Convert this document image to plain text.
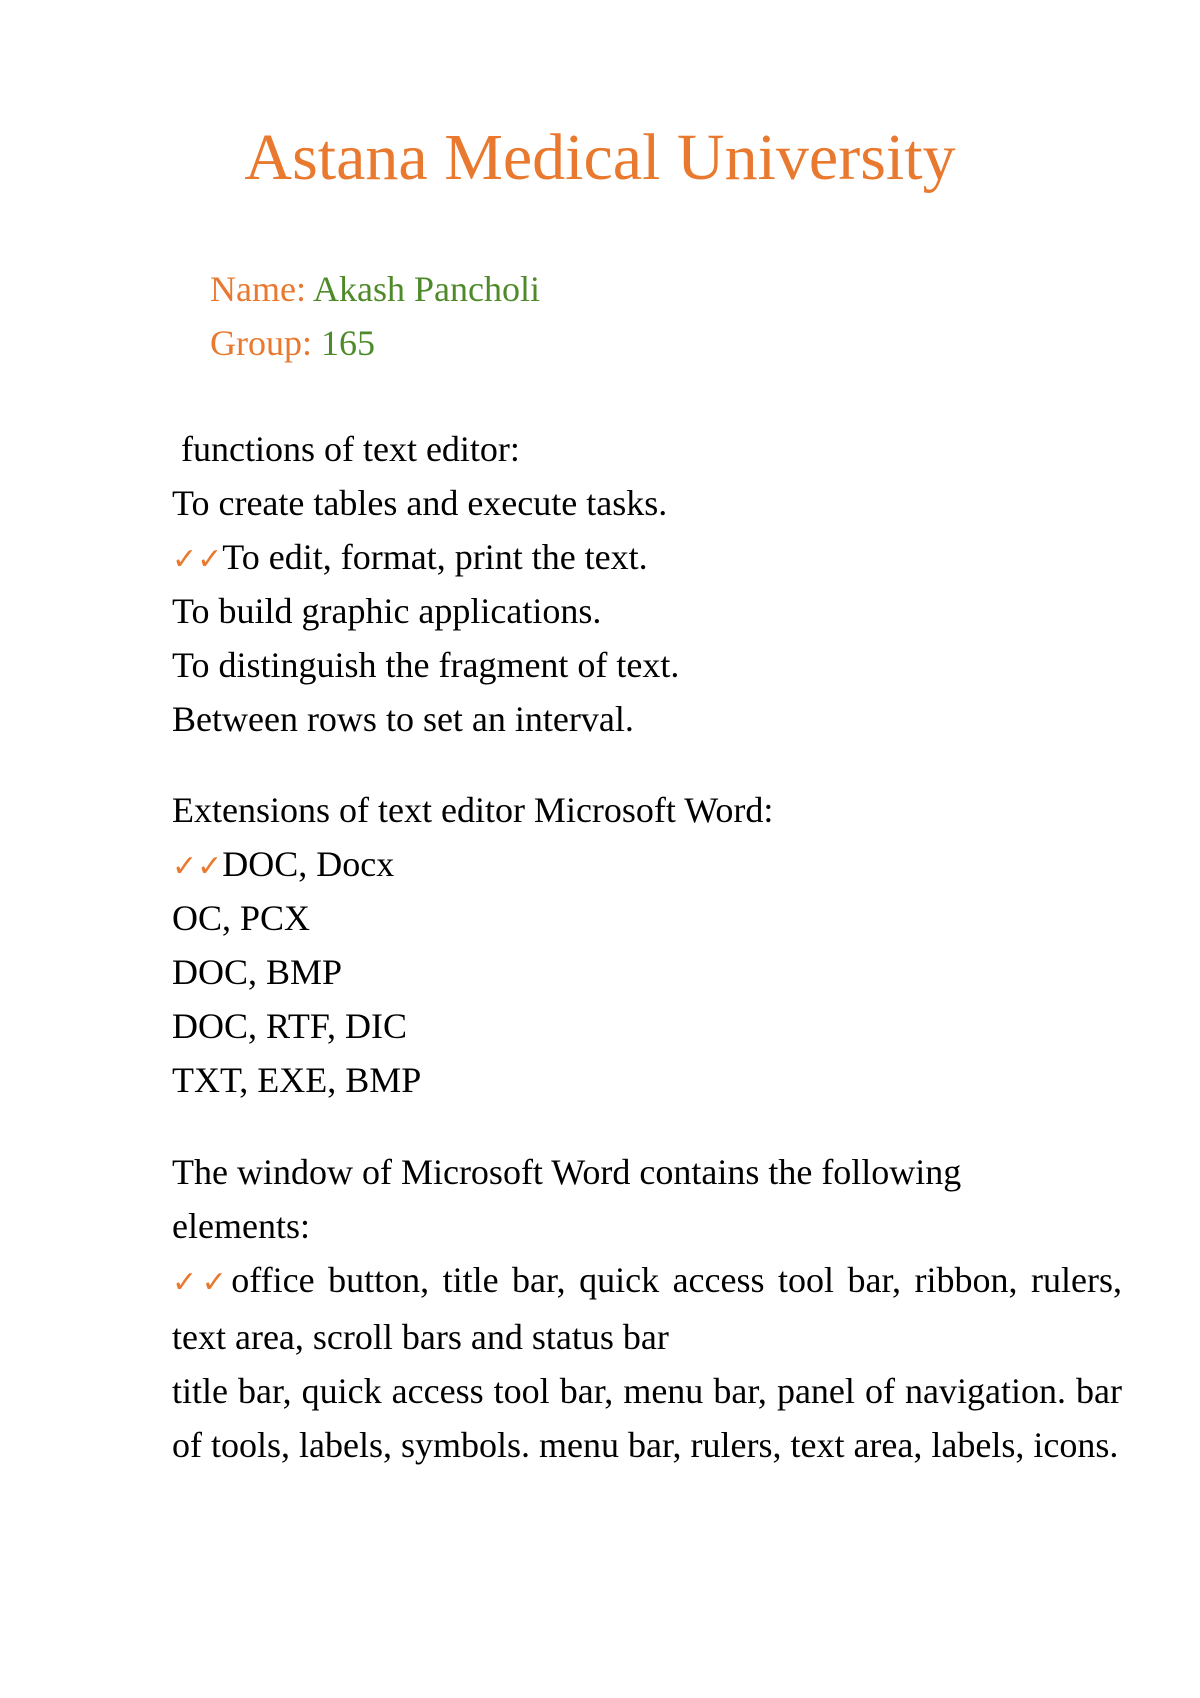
Astana Medical University
Name: Akash Pancholi
Group: 165
functions of text editor:
To create tables and execute tasks.
✓✓To edit, format, print the text.
To build graphic applications.
To distinguish the fragment of text.
Between rows to set an interval.
Extensions of text editor Microsoft Word:
✓✓DOC, Docx
OC, PCX
DOC, BMP
DOC, RTF, DIC
TXT, EXE, BMP
The window of Microsoft Word contains the following elements:
✓✓office button, title bar, quick access tool bar, ribbon, rulers, text area, scroll bars and status bar
title bar, quick access tool bar, menu bar, panel of navigation. bar of tools, labels, symbols. menu bar, rulers, text area, labels, icons.
